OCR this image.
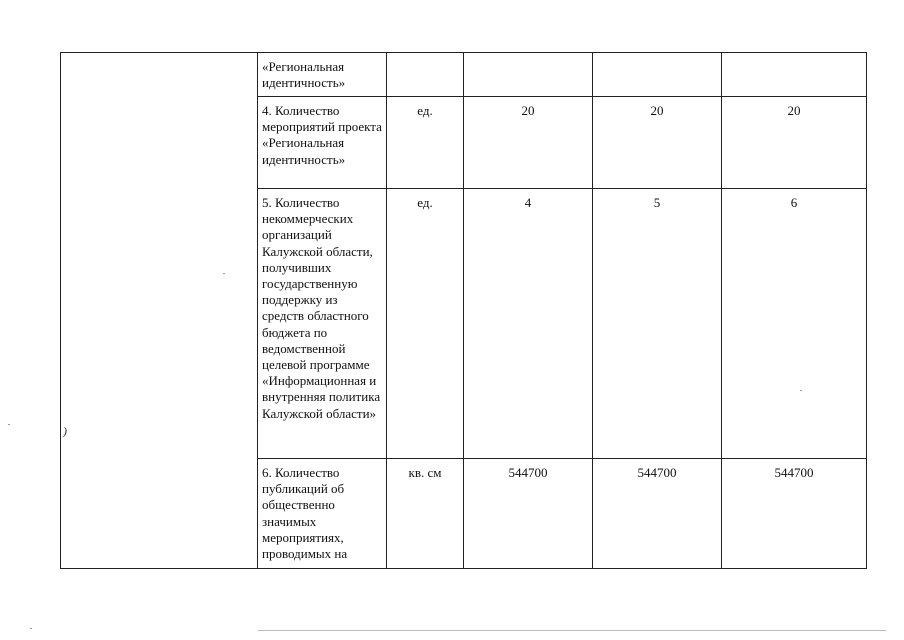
)	«Региональная идентичность»				
	4. Количество мероприятий проекта «Региональная идентичность»	ед.	20	20	20
	5. Количество некоммерческих организаций Калужской области, получивших государственную поддержку из средств областного бюджета по ведомственной целевой программе «Информационная и внутренняя политика Калужской области»	ед.	4	5	6
	6. Количество публикаций об общественно значимых мероприятиях, проводимых на	кв. см	544700	544700	544700
